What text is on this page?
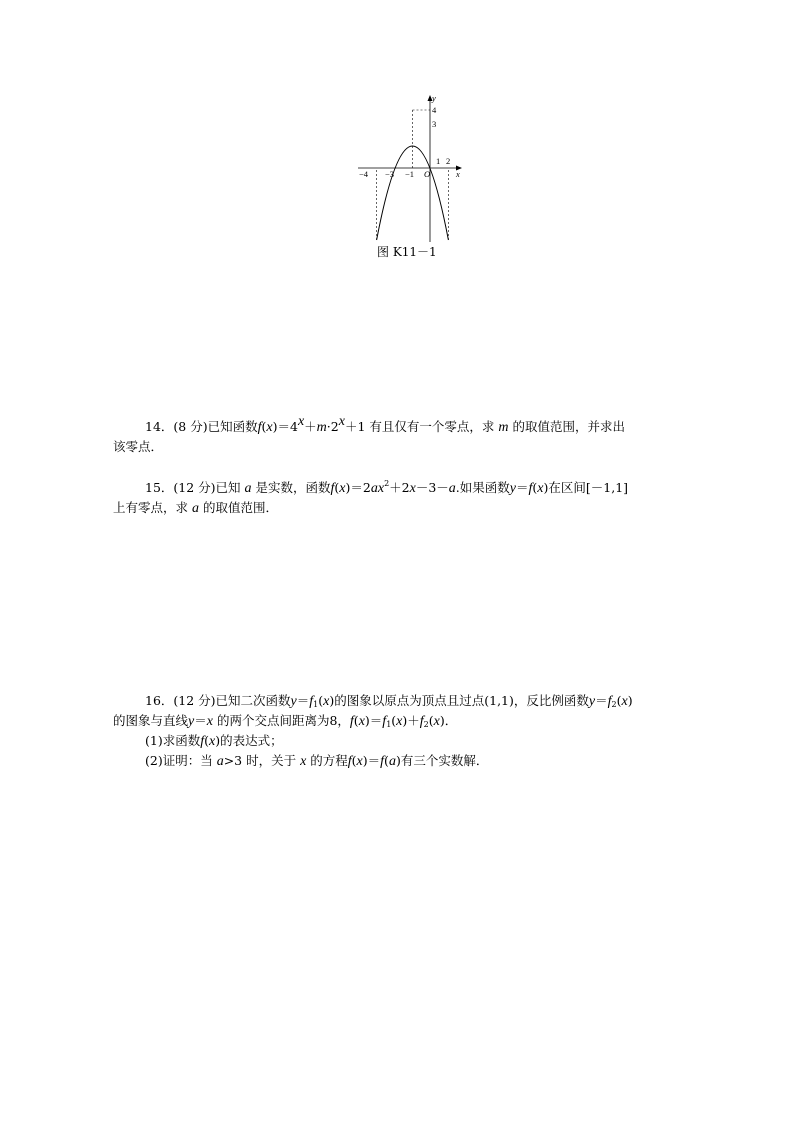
y
4
3
−4 −3 −1 O
1 2
x
图 K11－1
14．(8 分)已知函数$f(x)=4^x+m\cdot 2^x+1$ 有且仅有一个零点，求 m 的取值范围，并求出
该零点．
15．(12 分)已知 a 是实数，函数$f(x)=2ax^2+2x-3-a$.如果函数y＝f(x)在区间[－1,1]
上有零点，求 a 的取值范围．
16．(12 分)已知二次函数$y=f_1(x)$的图象以原点为顶点且过点(1,1)，反比例函数$y=f_2(x)$
的图象与直线y＝x 的两个交点间距离为8，$f(x)=f_1(x)+f_2(x)$．
(1)求函数f(x)的表达式；
(2)证明：当 a>3 时，关于 x 的方程f(x)＝f(a)有三个实数解．
